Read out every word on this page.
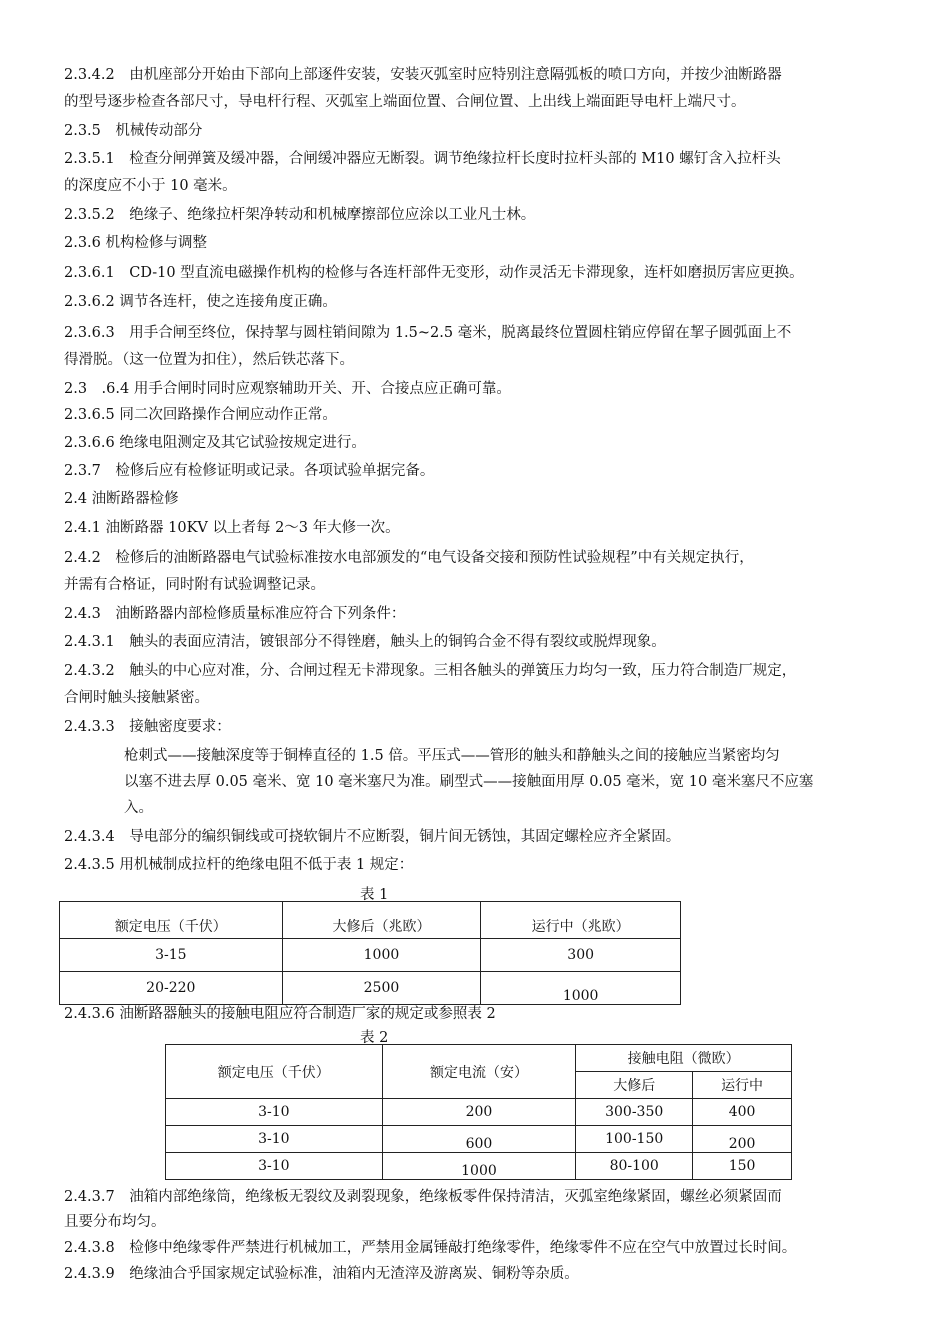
2.3.4.2　由机座部分开始由下部向上部逐件安装，安装灭弧室时应特别注意隔弧板的喷口方向，并按少油断路器
的型号逐步检查各部尺寸，导电杆行程、灭弧室上端面位置、合闸位置、上出线上端面距导电杆上端尺寸。
2.3.5　机械传动部分
2.3.5.1　检查分闸弹簧及缓冲器，合闸缓冲器应无断裂。调节绝缘拉杆长度时拉杆头部的 M10 螺钉含入拉杆头
的深度应不小于 10 毫米。
2.3.5.2　绝缘子、绝缘拉杆架净转动和机械摩擦部位应涂以工业凡士林。
2.3.6 机构检修与调整
2.3.6.1　CD-10 型直流电磁操作机构的检修与各连杆部件无变形，动作灵活无卡滞现象，连杆如磨损厉害应更换。
2.3.6.2 调节各连杆，使之连接角度正确。
2.3.6.3　用手合闸至终位，保持挈与圆柱销间隙为 1.5~2.5 毫米，脱离最终位置圆柱销应停留在挈子圆弧面上不
得滑脱。（这一位置为扣住），然后铁芯落下。
2.3　.6.4 用手合闸时同时应观察辅助开关、开、合接点应正确可靠。
2.3.6.5 同二次回路操作合闸应动作正常。
2.3.6.6 绝缘电阻测定及其它试验按规定进行。
2.3.7　检修后应有检修证明或记录。各项试验单据完备。
2.4 油断路器检修
2.4.1 油断路器 10KV 以上者每 2〜3 年大修一次。
2.4.2　检修后的油断路器电气试验标准按水电部颁发的“电气设备交接和预防性试验规程”中有关规定执行，
并需有合格证，同时附有试验调整记录。
2.4.3　油断路器内部检修质量标准应符合下列条件：
2.4.3.1　触头的表面应清洁，镀银部分不得锉磨，触头上的铜钨合金不得有裂纹或脱焊现象。
2.4.3.2　触头的中心应对准，分、合闸过程无卡滞现象。三相各触头的弹簧压力均匀一致，压力符合制造厂规定，
合闸时触头接触紧密。
2.4.3.3　接触密度要求：
枪刺式——接触深度等于铜棒直径的 1.5 倍。平压式——管形的触头和静触头之间的接触应当紧密均匀
以塞不进去厚 0.05 毫米、宽 10 毫米塞尺为准。刷型式——接触面用厚 0.05 毫米，宽 10 毫米塞尺不应塞
入。
2.4.3.4　导电部分的编织铜线或可挠软铜片不应断裂，铜片间无锈蚀，其固定螺栓应齐全紧固。
2.4.3.5 用机械制成拉杆的绝缘电阻不低于表 1 规定：
表 1
额定电压（千伏）	大修后（兆欧）	运行中（兆欧）
3-15	1000	300
20-220	2500	1000
2.4.3.6 油断路器触头的接触电阻应符合制造厂家的规定或参照表 2
表 2
额定电压（千伏）	额定电流（安）	接触电阻（微欧）	
		大修后	运行中
3-10	200	300-350	400
3-10	600	100-150	200
3-10	1000	80-100	150
2.4.3.7　油箱内部绝缘筒，绝缘板无裂纹及剥裂现象，绝缘板零件保持清洁，灭弧室绝缘紧固，螺丝必须紧固而
且要分布均匀。
2.4.3.8　检修中绝缘零件严禁进行机械加工，严禁用金属锤敲打绝缘零件，绝缘零件不应在空气中放置过长时间。
2.4.3.9　绝缘油合乎国家规定试验标准，油箱内无渣滓及游离炭、铜粉等杂质。
